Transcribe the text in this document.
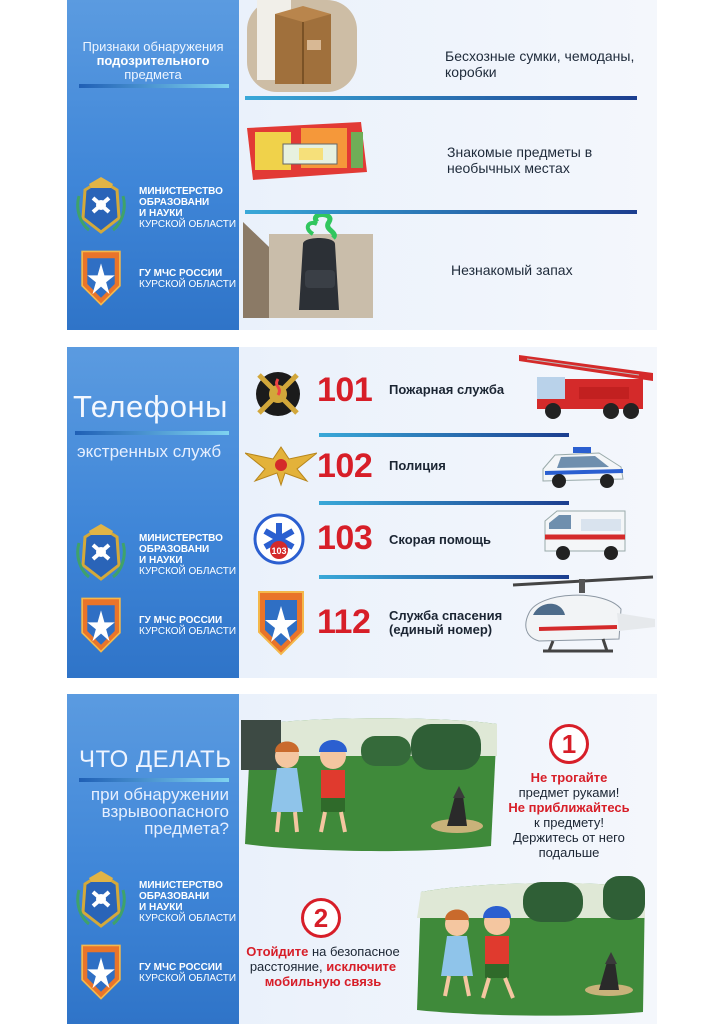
Признаки обнаружения
подозрительного
предмета
МИНИСТЕРСТВО
ОБРАЗОВАНИ
И НАУКИ
КУРСКОЙ ОБЛАСТИ
ГУ МЧС РОССИИ
КУРСКОЙ ОБЛАСТИ
Бесхозные сумки, чемоданы, коробки
Знакомые предметы в необычных местах
Незнакомый запах
Телефоны
экстренных служб
МИНИСТЕРСТВО
ОБРАЗОВАНИ
И НАУКИ
КУРСКОЙ ОБЛАСТИ
ГУ МЧС РОССИИ
КУРСКОЙ ОБЛАСТИ
101 Пожарная служба
102 Полиция
103 103 Скорая помощь
112 Служба спасения
(единый номер)
ЧТО ДЕЛАТЬ
при обнаружении
взрывоопасного
предмета?
МИНИСТЕРСТВО
ОБРАЗОВАНИ
И НАУКИ
КУРСКОЙ ОБЛАСТИ
ГУ МЧС РОССИИ
КУРСКОЙ ОБЛАСТИ
1
Не трогайте
предмет руками!
Не приближайтесь
к предмету!
Держитесь от него
подальше
2
Отойдите на безопасное
расстояние, исключите
мобильную связь
